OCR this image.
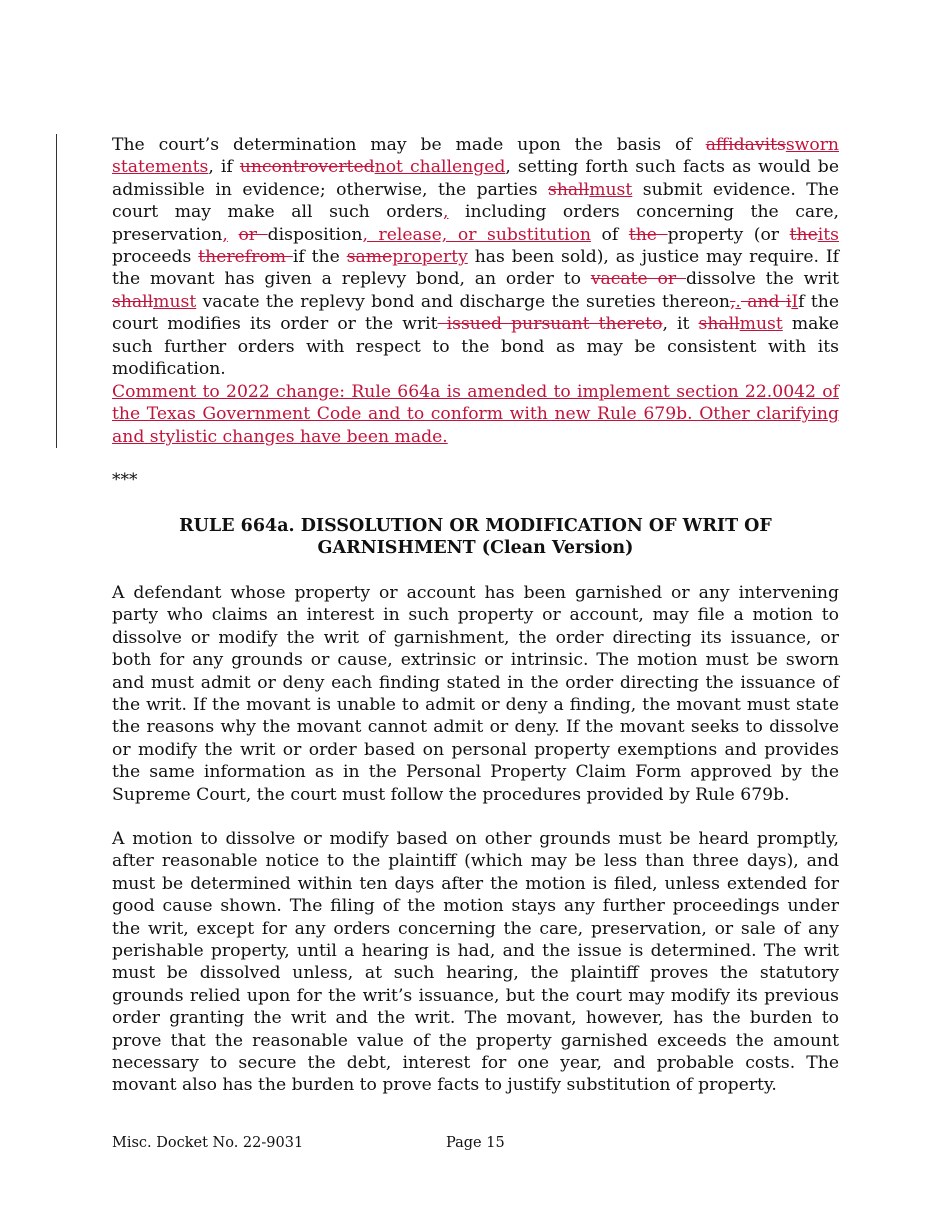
The court’s determination may be made upon the basis of affidavitssworn statements, if uncontrovertednot challenged, setting forth such facts as would be admissible in evidence; otherwise, the parties shallmust submit evidence. The court may make all such orders, including orders concerning the care, preservation, or disposition, release, or substitution of the property (or theits proceeds therefrom if the sameproperty has been sold), as justice may require. If the movant has given a replevy bond, an order to vacate or dissolve the writ shallmust vacate the replevy bond and discharge the sureties thereon,. and iIf the court modifies its order or the writ issued pursuant thereto, it shallmust make such further orders with respect to the bond as may be consistent with its modification.
Comment to 2022 change: Rule 664a is amended to implement section 22.0042 of the Texas Government Code and to conform with new Rule 679b. Other clarifying and stylistic changes have been made.
***
RULE 664a. DISSOLUTION OR MODIFICATION OF WRIT OF GARNISHMENT (Clean Version)
A defendant whose property or account has been garnished or any intervening party who claims an interest in such property or account, may file a motion to dissolve or modify the writ of garnishment, the order directing its issuance, or both for any grounds or cause, extrinsic or intrinsic. The motion must be sworn and must admit or deny each finding stated in the order directing the issuance of the writ. If the movant is unable to admit or deny a finding, the movant must state the reasons why the movant cannot admit or deny. If the movant seeks to dissolve or modify the writ or order based on personal property exemptions and provides the same information as in the Personal Property Claim Form approved by the Supreme Court, the court must follow the procedures provided by Rule 679b.
A motion to dissolve or modify based on other grounds must be heard promptly, after reasonable notice to the plaintiff (which may be less than three days), and must be determined within ten days after the motion is filed, unless extended for good cause shown. The filing of the motion stays any further proceedings under the writ, except for any orders concerning the care, preservation, or sale of any perishable property, until a hearing is had, and the issue is determined. The writ must be dissolved unless, at such hearing, the plaintiff proves the statutory grounds relied upon for the writ’s issuance, but the court may modify its previous order granting the writ and the writ. The movant, however, has the burden to prove that the reasonable value of the property garnished exceeds the amount necessary to secure the debt, interest for one year, and probable costs. The movant also has the burden to prove facts to justify substitution of property.
Misc. Docket No. 22-9031	Page 15
